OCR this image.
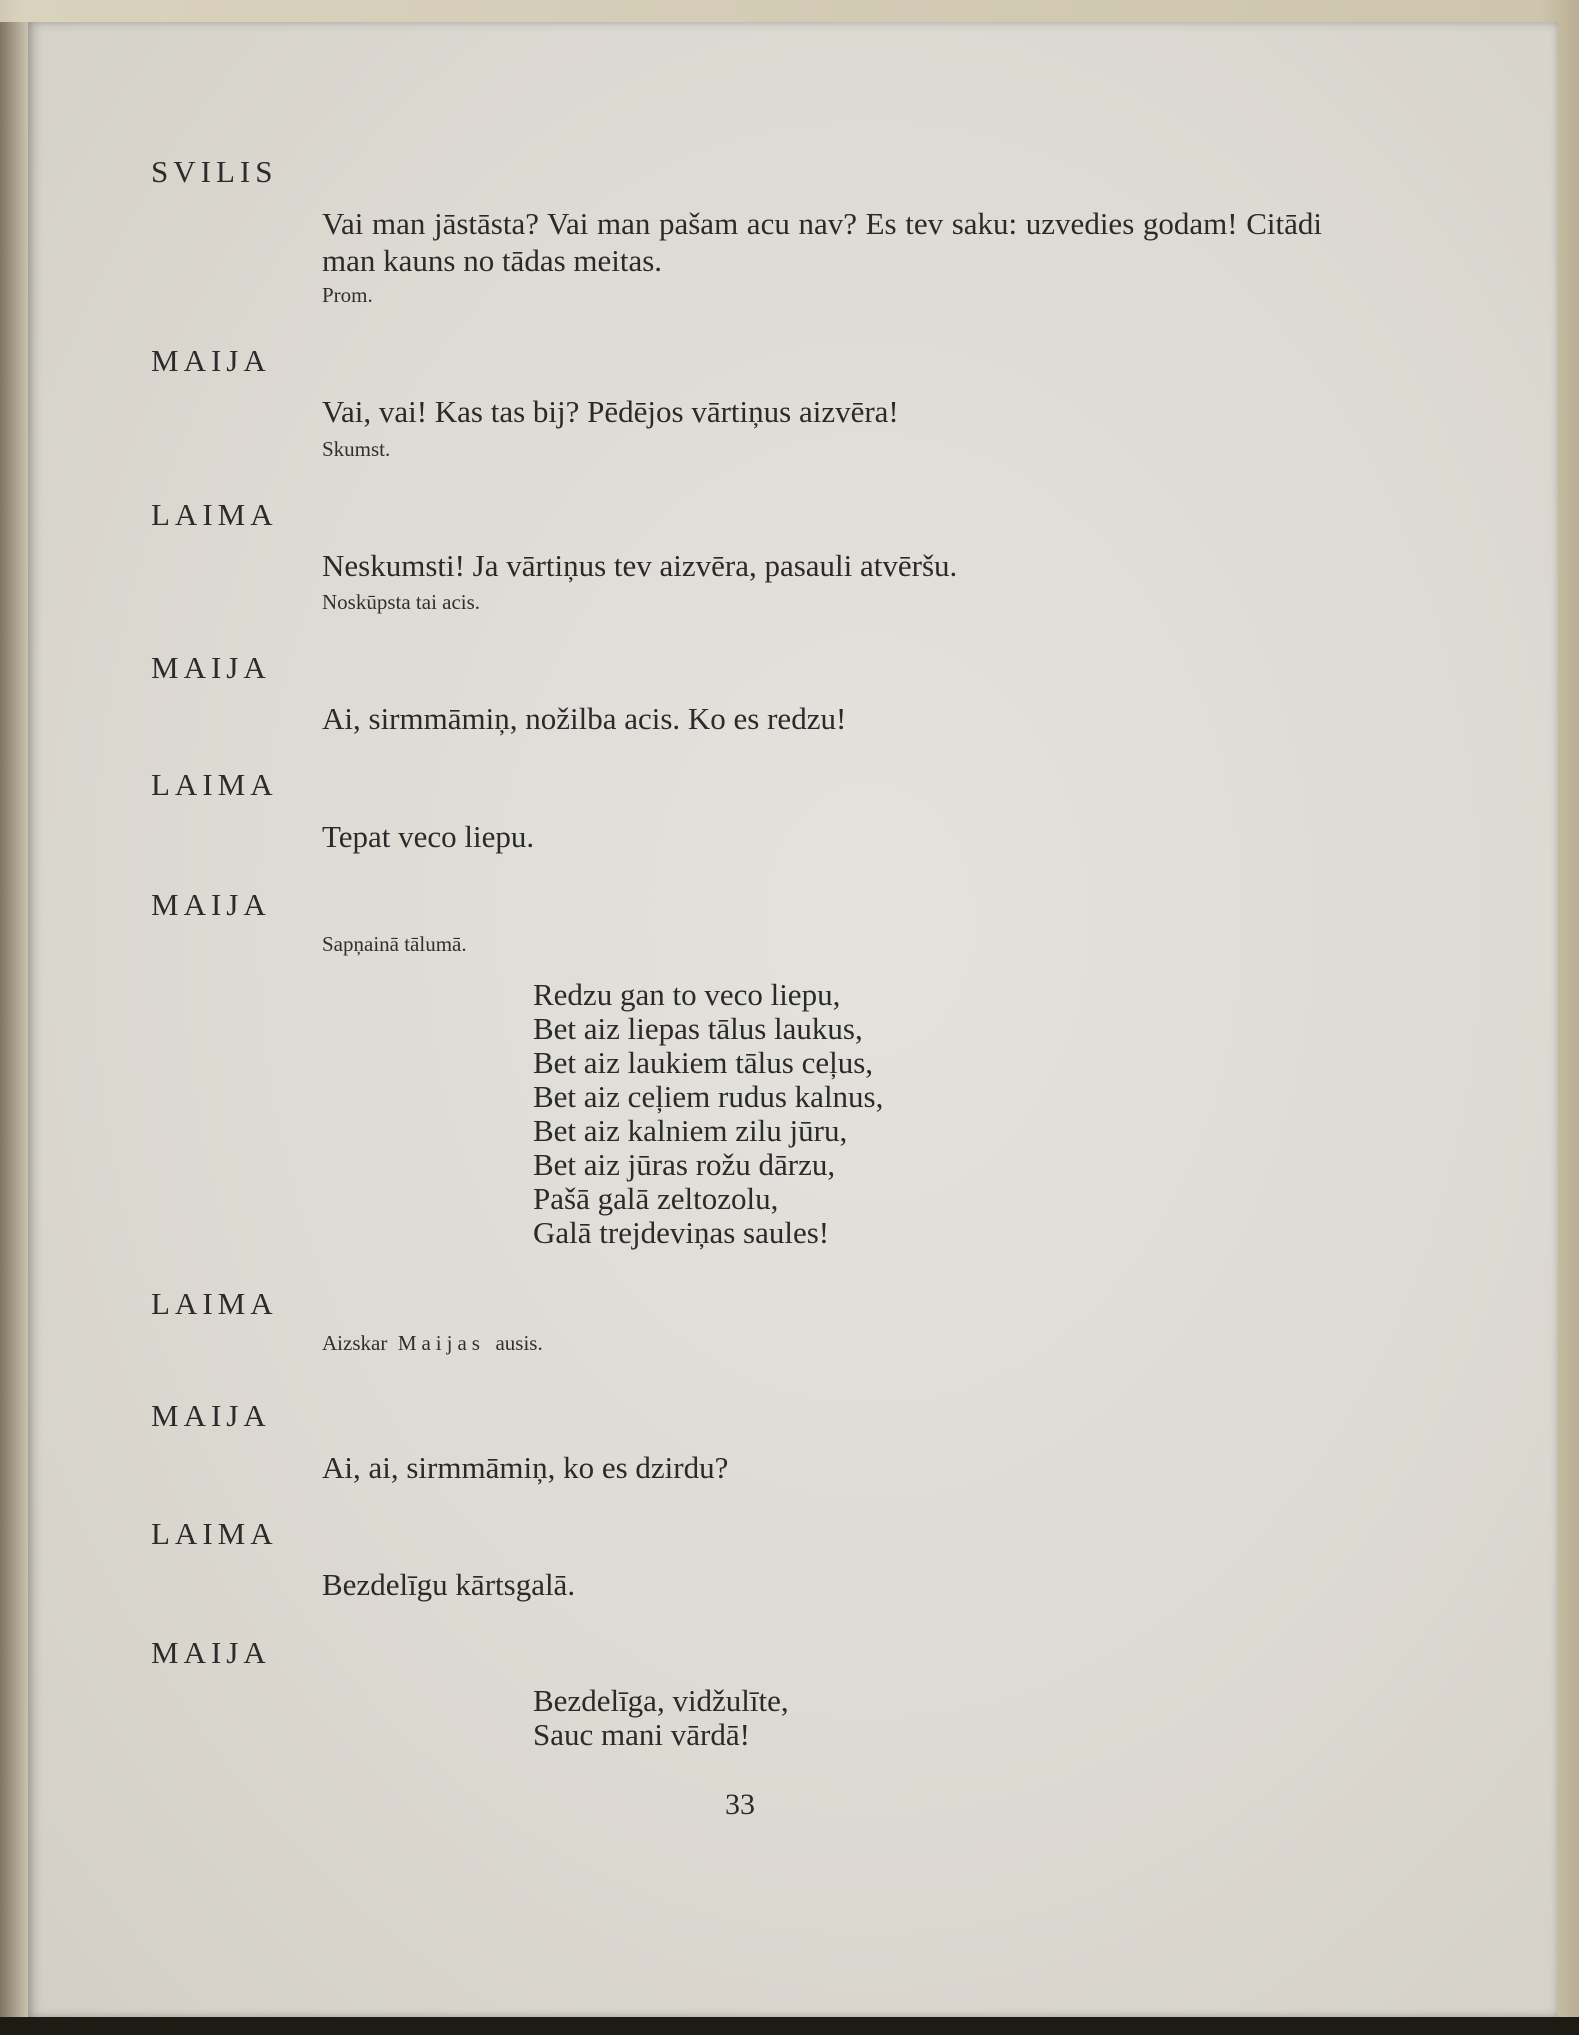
SVILIS

Vai man jāstāsta? Vai man pašam acu nav? Es tev saku: uzvedies godam! Citādi man kauns no tādas meitas.

Prom.

MAIJA

Vai, vai! Kas tas bij? Pēdējos vārtiņus aizvēra!

Skumst.

LAIMA

Neskumsti! Ja vārtiņus tev aizvēra, pasauli atvēršu.

Noskūpsta tai acis.

MAIJA

Ai, sirmmāmiņ, nožilba acis. Ko es redzu!

LAIMA

Tepat veco liepu.

MAIJA

Sapņainā tālumā.

Redzu gan to veco liepu,
Bet aiz liepas tālus laukus,
Bet aiz laukiem tālus ceļus,
Bet aiz ceļiem rudus kalnus,
Bet aiz kalniem zilu jūru,
Bet aiz jūras rožu dārzu,
Pašā galā zeltozolu,
Galā trejdeviņas saules!

LAIMA

Aizskar Maijas ausis.

MAIJA

Ai, ai, sirmmāmiņ, ko es dzirdu?

LAIMA

Bezdelīgu kārtsgalā.

MAIJA

Bezdelīga, vidžulīte,
Sauc mani vārdā!
33
